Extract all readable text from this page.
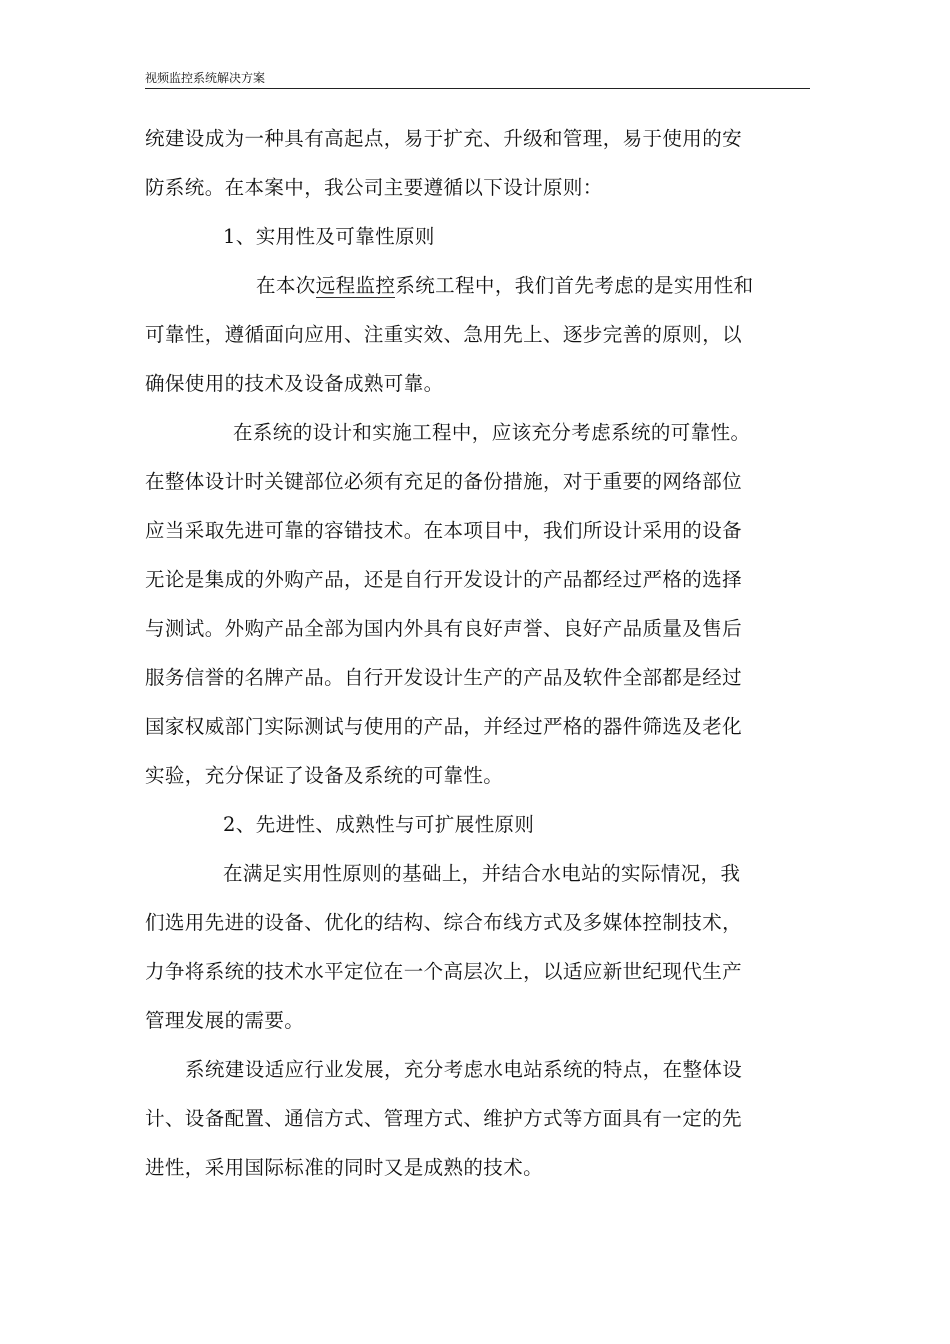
视频监控系统解决方案
统建设成为一种具有高起点，易于扩充、升级和管理，易于使用的安
防系统。在本案中，我公司主要遵循以下设计原则：
1、实用性及可靠性原则
在本次远程监控系统工程中，我们首先考虑的是实用性和
可靠性，遵循面向应用、注重实效、急用先上、逐步完善的原则，以
确保使用的技术及设备成熟可靠。
在系统的设计和实施工程中，应该充分考虑系统的可靠性。
在整体设计时关键部位必须有充足的备份措施，对于重要的网络部位
应当采取先进可靠的容错技术。在本项目中，我们所设计采用的设备
无论是集成的外购产品，还是自行开发设计的产品都经过严格的选择
与测试。外购产品全部为国内外具有良好声誉、良好产品质量及售后
服务信誉的名牌产品。自行开发设计生产的产品及软件全部都是经过
国家权威部门实际测试与使用的产品，并经过严格的器件筛选及老化
实验，充分保证了设备及系统的可靠性。
2、先进性、成熟性与可扩展性原则
在满足实用性原则的基础上，并结合水电站的实际情况，我
们选用先进的设备、优化的结构、综合布线方式及多媒体控制技术，
力争将系统的技术水平定位在一个高层次上，以适应新世纪现代生产
管理发展的需要。
系统建设适应行业发展，充分考虑水电站系统的特点，在整体设
计、设备配置、通信方式、管理方式、维护方式等方面具有一定的先
进性，采用国际标准的同时又是成熟的技术。
